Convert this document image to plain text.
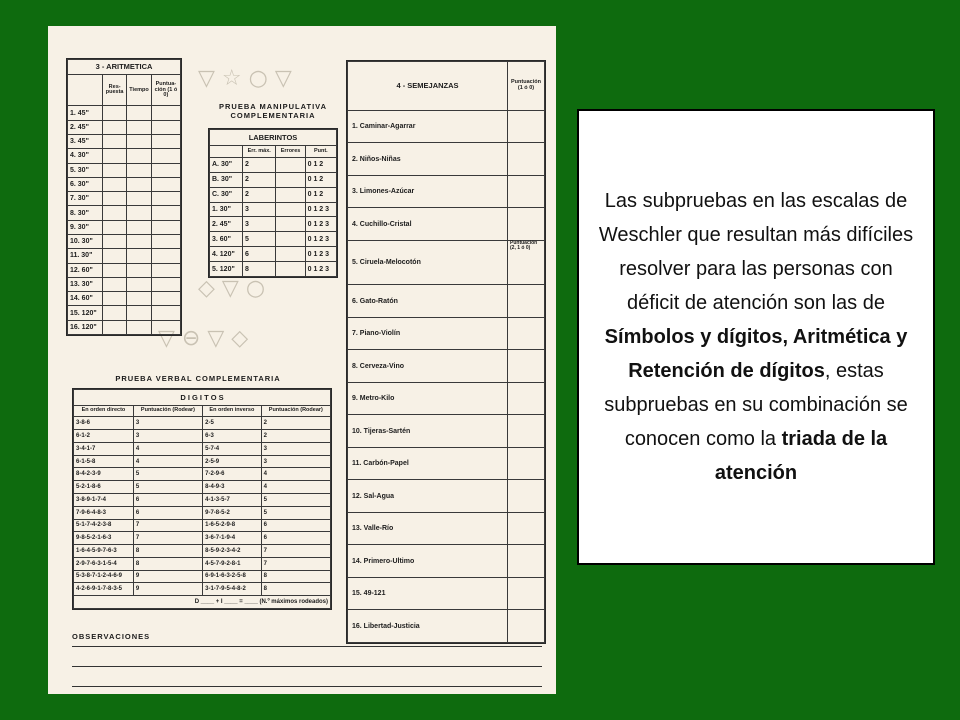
▽ ☆ ○ ▽
◇ ▽ ○
▽ ⊖ ▽ ◇
3 - ARITMETICA			
	Res-puesta	Tiempo	Puntua-ción (1 ó 0)
1. 45"			
2. 45"			
3. 45"			
4. 30"			
5. 30"			
6. 30"			
7. 30"			
8. 30"			
9. 30"			
10. 30"			
11. 30"			
12. 60"			
13. 30"			
14. 60"			
15. 120"			
16. 120"			
PRUEBA MANIPULATIVA COMPLEMENTARIA
LABERINTOS			
	Err. máx.	Errores	Punt.
A. 30"	2		0 1 2
B. 30"	2		0 1 2
C. 30"	2		0 1 2
1. 30"	3		0 1 2 3
2. 45"	3		0 1 2 3
3. 60"	5		0 1 2 3
4. 120"	6		0 1 2 3
5. 120"	8		0 1 2 3
4 - SEMEJANZAS	Puntuación (1 ó 0)
1. Caminar-Agarrar	
2. Niños-Niñas	
3. Limones-Azúcar	
4. Cuchillo-Cristal	
5. Ciruela-Melocotón	Puntuación (2, 1 ó 0)
6. Gato-Ratón	
7. Piano-Violín	
8. Cerveza-Vino	
9. Metro-Kilo	
10. Tijeras-Sartén	
11. Carbón-Papel	
12. Sal-Agua	
13. Valle-Río	
14. Primero-Ultimo	
15. 49-121	
16. Libertad-Justicia	
PRUEBA VERBAL COMPLEMENTARIA
D I G I T O S			
En orden directo	Puntuación (Rodear)	En orden inverso	Puntuación (Rodear)
3-8-6	3	2-5	2
6-1-2	3	6-3	2
3-4-1-7	4	5-7-4	3
6-1-5-8	4	2-5-9	3
8-4-2-3-9	5	7-2-9-6	4
5-2-1-8-6	5	8-4-9-3	4
3-8-9-1-7-4	6	4-1-3-5-7	5
7-9-6-4-8-3	6	9-7-8-5-2	5
5-1-7-4-2-3-8	7	1-6-5-2-9-8	6
9-8-5-2-1-6-3	7	3-6-7-1-9-4	6
1-6-4-5-9-7-6-3	8	8-5-9-2-3-4-2	7
2-9-7-6-3-1-5-4	8	4-5-7-9-2-8-1	7
5-3-8-7-1-2-4-6-9	9	6-9-1-6-3-2-5-8	8
4-2-6-9-1-7-8-3-5	9	3-1-7-9-5-4-8-2	8
D ____ + I ____ = ____ (N.º máximos rodeados)			
OBSERVACIONES

Las subpruebas en las escalas de Weschler que resultan más difíciles resolver para las personas con déficit de atención son las de Símbolos y dígitos, Aritmética y Retención de dígitos, estas subpruebas en su combinación se conocen como la triada de la atención
